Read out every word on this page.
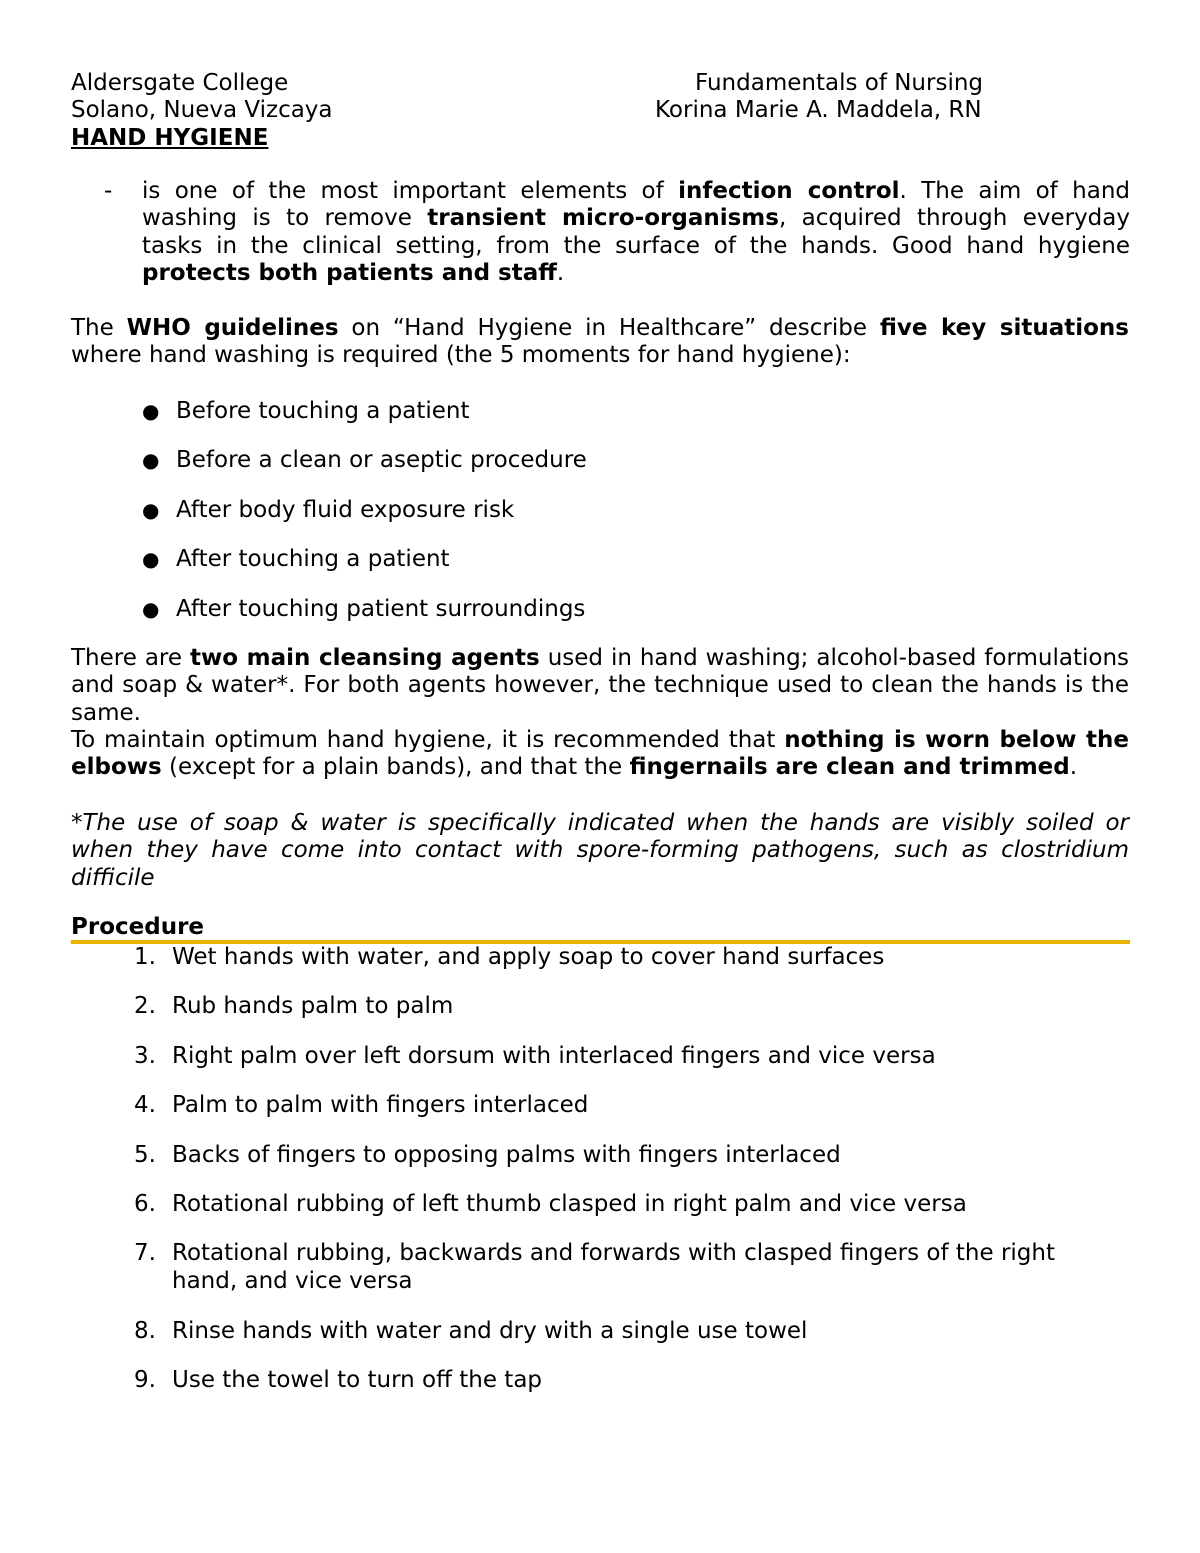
Aldersgate College	Fundamentals of Nursing
Solano, Nueva Vizcaya	Korina Marie A. Maddela, RN
HAND HYGIENE
- is one of the most important elements of infection control. The aim of hand washing is to remove transient micro-organisms, acquired through everyday tasks in the clinical setting, from the surface of the hands. Good hand hygiene protects both patients and staff.
The WHO guidelines on “Hand Hygiene in Healthcare” describe five key situations where hand washing is required (the 5 moments for hand hygiene):
● Before touching a patient
● Before a clean or aseptic procedure
● After body fluid exposure risk
● After touching a patient
● After touching patient surroundings
There are two main cleansing agents used in hand washing; alcohol-based formulations and soap & water*. For both agents however, the technique used to clean the hands is the same.
To maintain optimum hand hygiene, it is recommended that nothing is worn below the elbows (except for a plain bands), and that the fingernails are clean and trimmed.
*The use of soap & water is specifically indicated when the hands are visibly soiled or when they have come into contact with spore-forming pathogens, such as clostridium difficile
Procedure
1. Wet hands with water, and apply soap to cover hand surfaces
2. Rub hands palm to palm
3. Right palm over left dorsum with interlaced fingers and vice versa
4. Palm to palm with fingers interlaced
5. Backs of fingers to opposing palms with fingers interlaced
6. Rotational rubbing of left thumb clasped in right palm and vice versa
7. Rotational rubbing, backwards and forwards with clasped fingers of the right hand, and vice versa
8. Rinse hands with water and dry with a single use towel
9. Use the towel to turn off the tap
